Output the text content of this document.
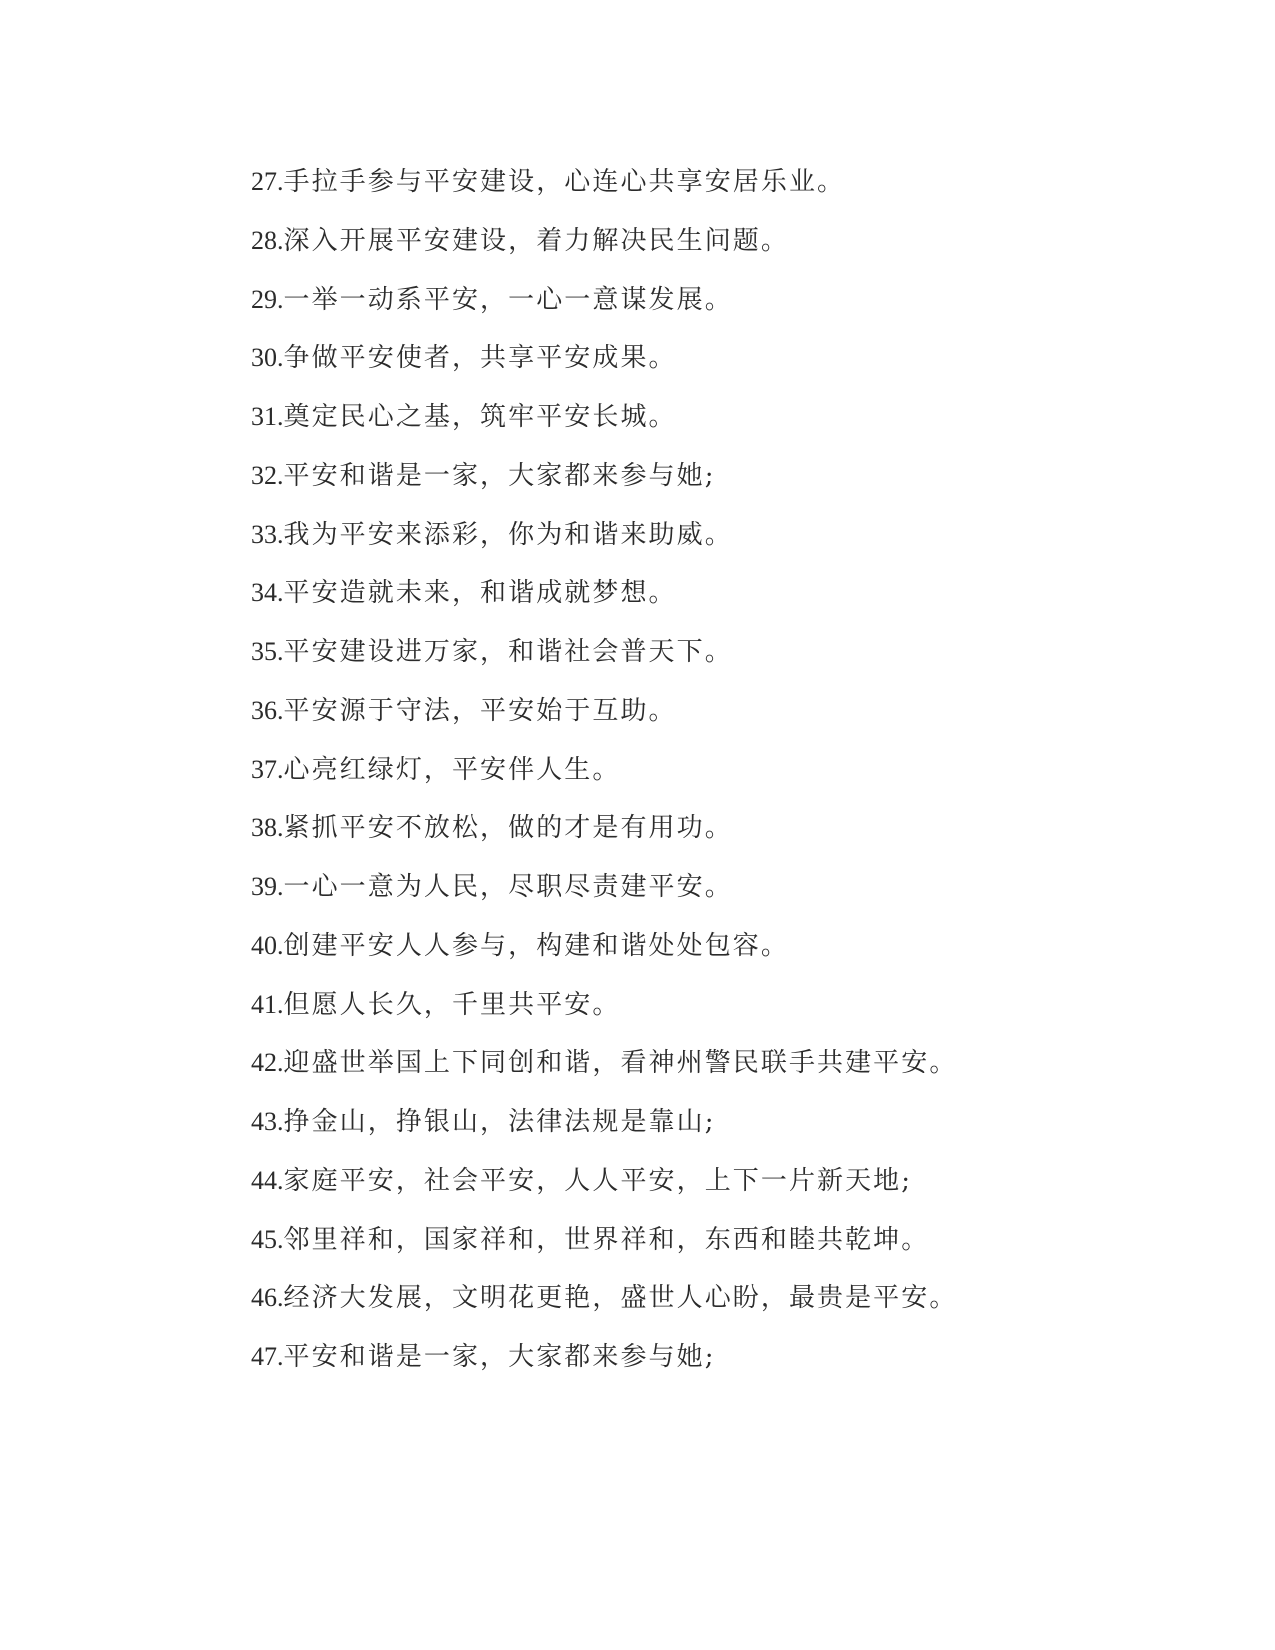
27.手拉手参与平安建设，心连心共享安居乐业。
28.深入开展平安建设，着力解决民生问题。
29.一举一动系平安，一心一意谋发展。
30.争做平安使者，共享平安成果。
31.奠定民心之基，筑牢平安长城。
32.平安和谐是一家，大家都来参与她;
33.我为平安来添彩，你为和谐来助威。
34.平安造就未来，和谐成就梦想。
35.平安建设进万家，和谐社会普天下。
36.平安源于守法，平安始于互助。
37.心亮红绿灯，平安伴人生。
38.紧抓平安不放松，做的才是有用功。
39.一心一意为人民，尽职尽责建平安。
40.创建平安人人参与，构建和谐处处包容。
41.但愿人长久，千里共平安。
42.迎盛世举国上下同创和谐，看神州警民联手共建平安。
43.挣金山，挣银山，法律法规是靠山;
44.家庭平安，社会平安，人人平安，上下一片新天地;
45.邻里祥和，国家祥和，世界祥和，东西和睦共乾坤。
46.经济大发展，文明花更艳，盛世人心盼，最贵是平安。
47.平安和谐是一家，大家都来参与她;
